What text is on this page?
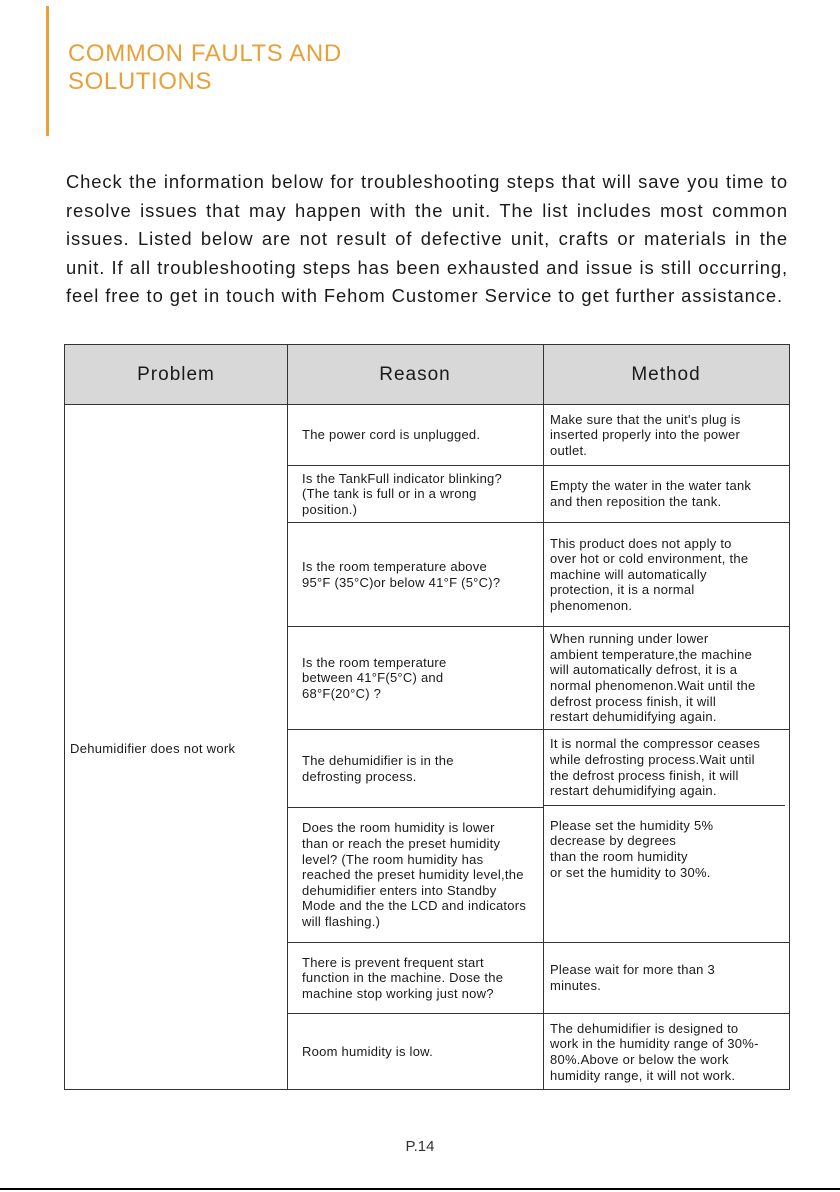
COMMON FAULTS AND
SOLUTIONS

Check the information below for troubleshooting steps that will save you time to resolve issues that may happen with the unit. The list includes most common issues. Listed below are not result of defective unit, crafts or materials in the unit. If all troubleshooting steps has been exhausted and issue is still occurring, feel free to get in touch with Fehom Customer Service to get further assistance.

Problem	Reason	Method
Dehumidifier does not work
The power cord is unplugged.
Make sure that the unit's plug is
inserted properly into the power
outlet.
Is the TankFull indicator blinking?
(The tank is full or in a wrong
position.)
Empty the water in the water tank
and then reposition the tank.
Is the room temperature above
95°F (35°C)or below 41°F (5°C)?
This product does not apply to
over hot or cold environment, the
machine will automatically
protection, it is a normal
phenomenon.
Is the room temperature
between 41°F(5°C) and
68°F(20°C) ?
When running under lower
ambient temperature,the machine
will automatically defrost, it is a
normal phenomenon.Wait until the
defrost process finish, it will
restart dehumidifying again.
The dehumidifier is in the
defrosting process.
It is normal the compressor ceases
while defrosting process.Wait until
the defrost process finish, it will
restart dehumidifying again.
Does the room humidity is lower
than or reach the preset humidity
level? (The room humidity has
reached the preset humidity level,the
dehumidifier enters into Standby
Mode and the the LCD and indicators
will flashing.)
Please set the humidity 5%
decrease by degrees
than the room humidity
or set the humidity to 30%.
There is prevent frequent start
function in the machine. Dose the
machine stop working just now?
Please wait for more than 3
minutes.
Room humidity is low.
The dehumidifier is designed to
work in the humidity range of 30%-
80%.Above or below the work
humidity range, it will not work.
P.14
